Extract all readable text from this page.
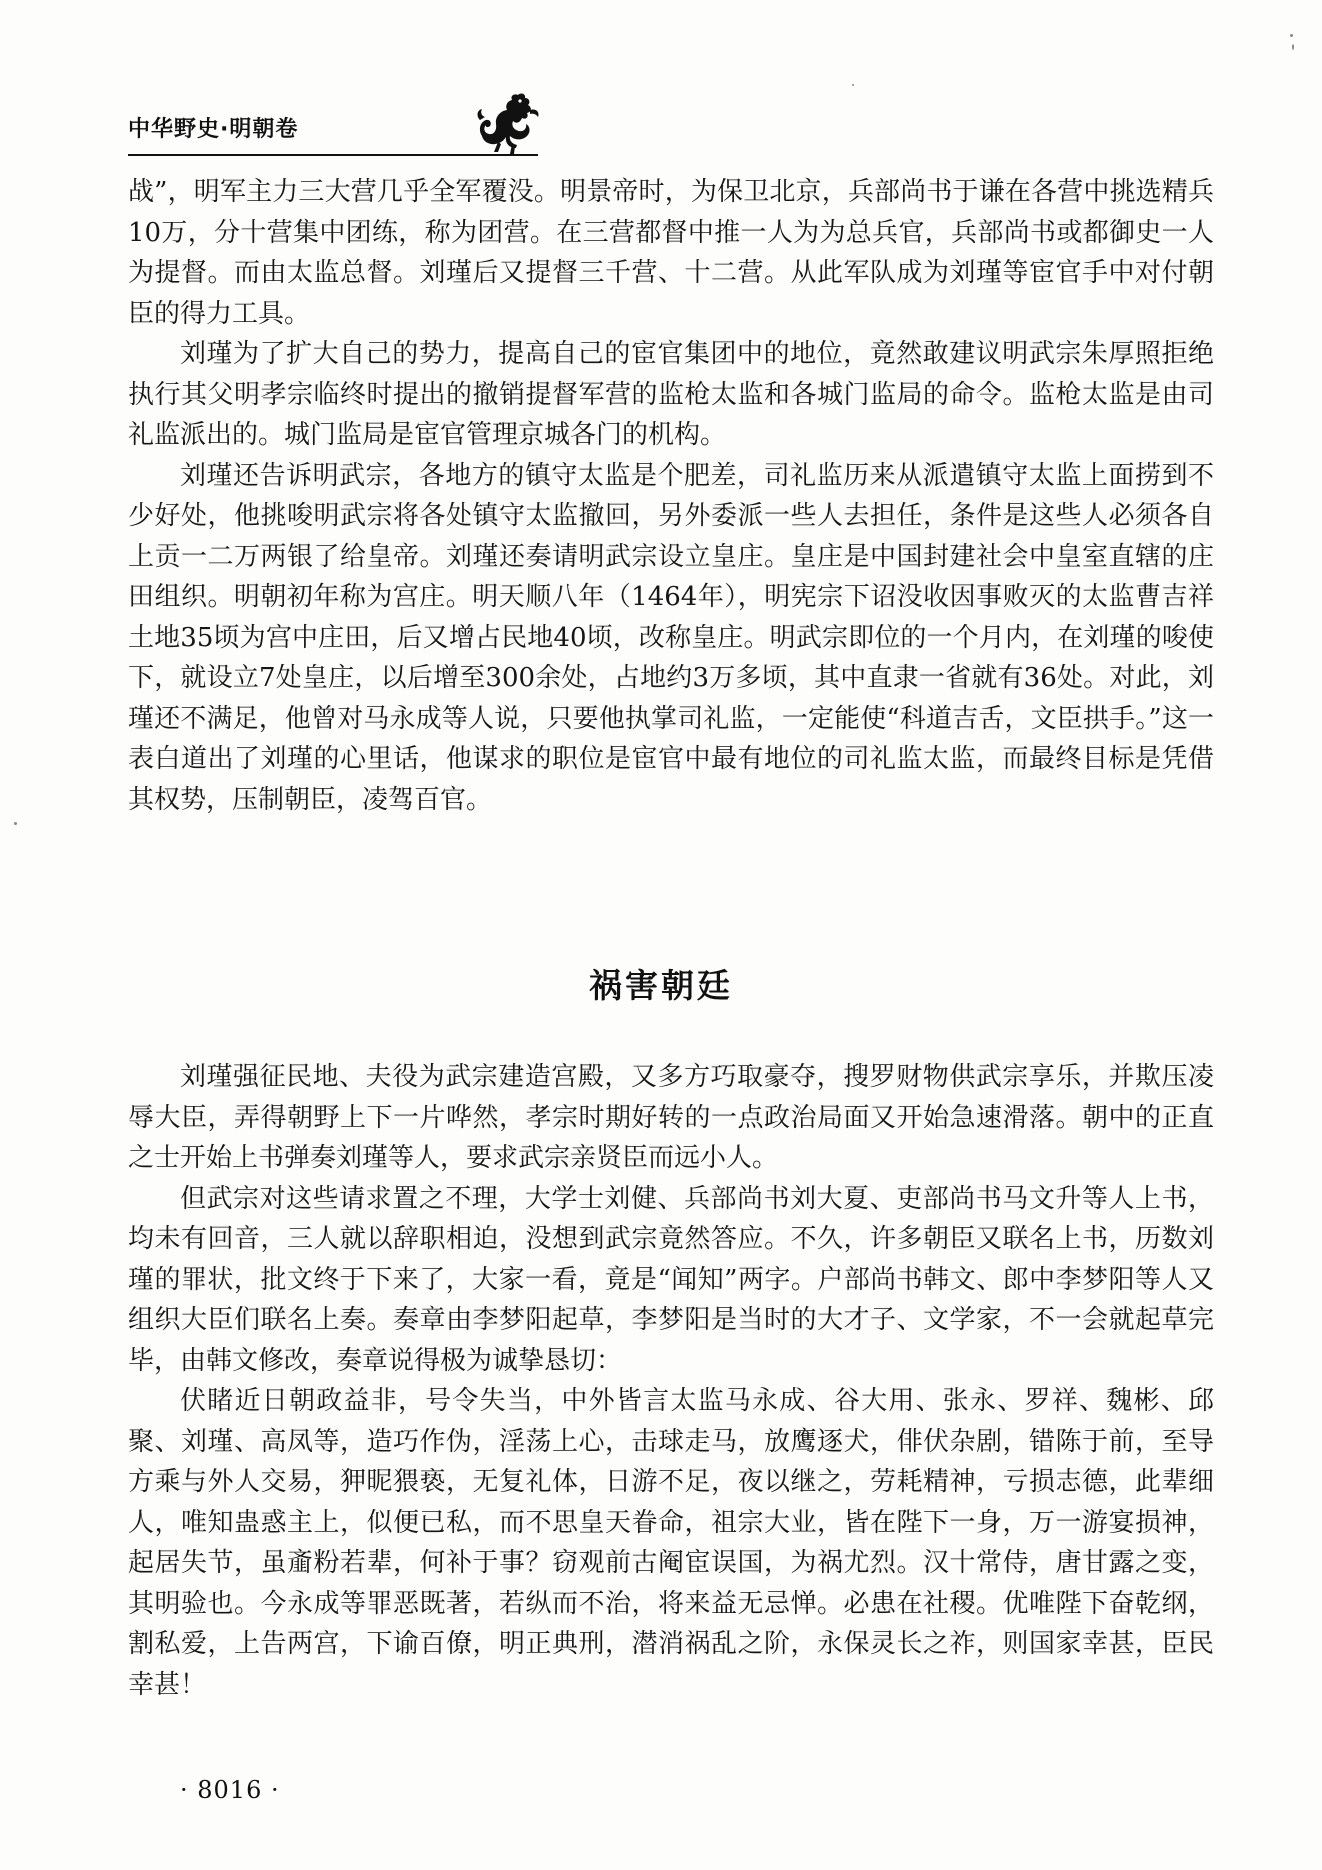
中华野史·明朝卷

战”，明军主力三大营几乎全军覆没。明景帝时，为保卫北京，兵部尚书于谦在各营中挑选精兵10万，分十营集中团练，称为团营。在三营都督中推一人为为总兵官，兵部尚书或都御史一人为提督。而由太监总督。刘瑾后又提督三千营、十二营。从此军队成为刘瑾等宦官手中对付朝臣的得力工具。

刘瑾为了扩大自己的势力，提高自己的宦官集团中的地位，竟然敢建议明武宗朱厚照拒绝执行其父明孝宗临终时提出的撤销提督军营的监枪太监和各城门监局的命令。监枪太监是由司礼监派出的。城门监局是宦官管理京城各门的机构。

刘瑾还告诉明武宗，各地方的镇守太监是个肥差，司礼监历来从派遣镇守太监上面捞到不少好处，他挑唆明武宗将各处镇守太监撤回，另外委派一些人去担任，条件是这些人必须各自上贡一二万两银了给皇帝。刘瑾还奏请明武宗设立皇庄。皇庄是中国封建社会中皇室直辖的庄田组织。明朝初年称为宫庄。明天顺八年（1464年），明宪宗下诏没收因事败灭的太监曹吉祥土地35顷为宫中庄田，后又增占民地40顷，改称皇庄。明武宗即位的一个月内，在刘瑾的唆使下，就设立7处皇庄，以后增至300余处，占地约3万多顷，其中直隶一省就有36处。对此，刘瑾还不满足，他曾对马永成等人说，只要他执掌司礼监，一定能使“科道吉舌，文臣拱手。”这一表白道出了刘瑾的心里话，他谋求的职位是宦官中最有地位的司礼监太监，而最终目标是凭借其权势，压制朝臣，凌驾百官。

祸害朝廷

刘瑾强征民地、夫役为武宗建造宫殿，又多方巧取豪夺，搜罗财物供武宗享乐，并欺压凌辱大臣，弄得朝野上下一片哗然，孝宗时期好转的一点政治局面又开始急速滑落。朝中的正直之士开始上书弹奏刘瑾等人，要求武宗亲贤臣而远小人。

但武宗对这些请求置之不理，大学士刘健、兵部尚书刘大夏、吏部尚书马文升等人上书，均未有回音，三人就以辞职相迫，没想到武宗竟然答应。不久，许多朝臣又联名上书，历数刘瑾的罪状，批文终于下来了，大家一看，竟是“闻知”两字。户部尚书韩文、郎中李梦阳等人又组织大臣们联名上奏。奏章由李梦阳起草，李梦阳是当时的大才子、文学家，不一会就起草完毕，由韩文修改，奏章说得极为诚挚恳切：

伏睹近日朝政益非，号令失当，中外皆言太监马永成、谷大用、张永、罗祥、魏彬、邱聚、刘瑾、高凤等，造巧作伪，淫荡上心，击球走马，放鹰逐犬，俳伏杂剧，错陈于前，至导方乘与外人交易，狎昵猥亵，无复礼体，日游不足，夜以继之，劳耗精神，亏损志德，此辈细人，唯知蛊惑主上，似便已私，而不思皇天眷命，祖宗大业，皆在陛下一身，万一游宴损神，起居失节，虽齑粉若辈，何补于事？窃观前古阉宦误国，为祸尤烈。汉十常侍，唐甘露之变，其明验也。今永成等罪恶既著，若纵而不治，将来益无忌惮。必患在社稷。优唯陛下奋乾纲，割私爱，上告两宫，下谕百僚，明正典刑，潜消祸乱之阶，永保灵长之祚，则国家幸甚，臣民幸甚！

· 8016 ·
